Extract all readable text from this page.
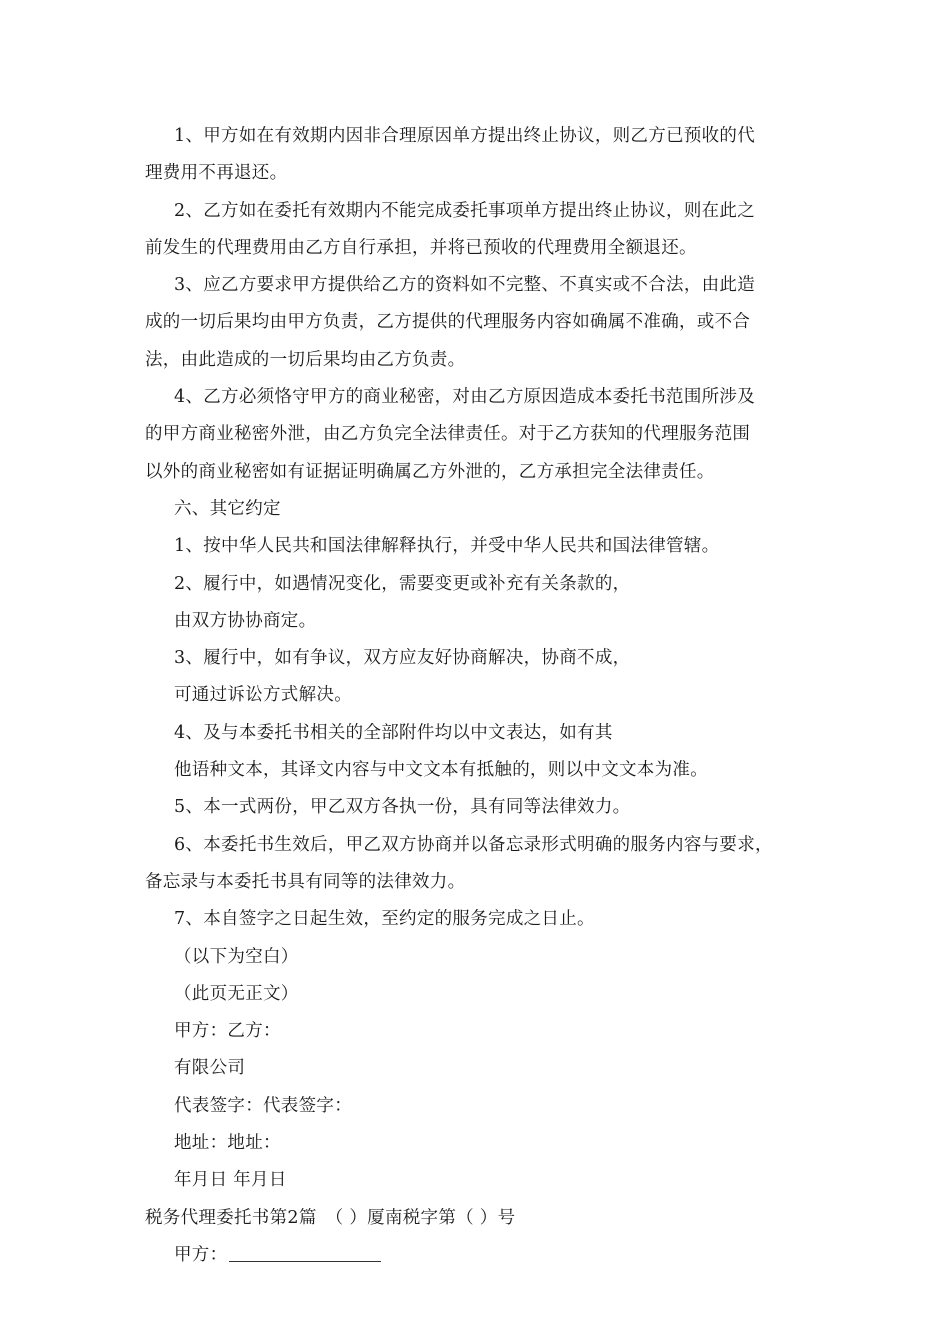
1、甲方如在有效期内因非合理原因单方提出终止协议，则乙方已预收的代
理费用不再退还。
2、乙方如在委托有效期内不能完成委托事项单方提出终止协议，则在此之
前发生的代理费用由乙方自行承担，并将已预收的代理费用全额退还。
3、应乙方要求甲方提供给乙方的资料如不完整、不真实或不合法，由此造
成的一切后果均由甲方负责，乙方提供的代理服务内容如确属不准确，或不合
法，由此造成的一切后果均由乙方负责。
4、乙方必须恪守甲方的商业秘密，对由乙方原因造成本委托书范围所涉及
的甲方商业秘密外泄，由乙方负完全法律责任。对于乙方获知的代理服务范围
以外的商业秘密如有证据证明确属乙方外泄的，乙方承担完全法律责任。
六、其它约定
1、按中华人民共和国法律解释执行，并受中华人民共和国法律管辖。
2、履行中，如遇情况变化，需要变更或补充有关条款的，
由双方协协商定。
3、履行中，如有争议，双方应友好协商解决，协商不成，
可通过诉讼方式解决。
4、及与本委托书相关的全部附件均以中文表达，如有其
他语种文本，其译文内容与中文文本有抵触的，则以中文文本为准。
5、本一式两份，甲乙双方各执一份，具有同等法律效力。
6、本委托书生效后，甲乙双方协商并以备忘录形式明确的服务内容与要求，
备忘录与本委托书具有同等的法律效力。
7、本自签字之日起生效，至约定的服务完成之日止。
（以下为空白）
（此页无正文）
甲方：乙方：
有限公司
代表签字：代表签字：
地址：地址：
年月日 年月日
税务代理委托书第2篇　（ ）厦南税字第（ ）号
甲方：
